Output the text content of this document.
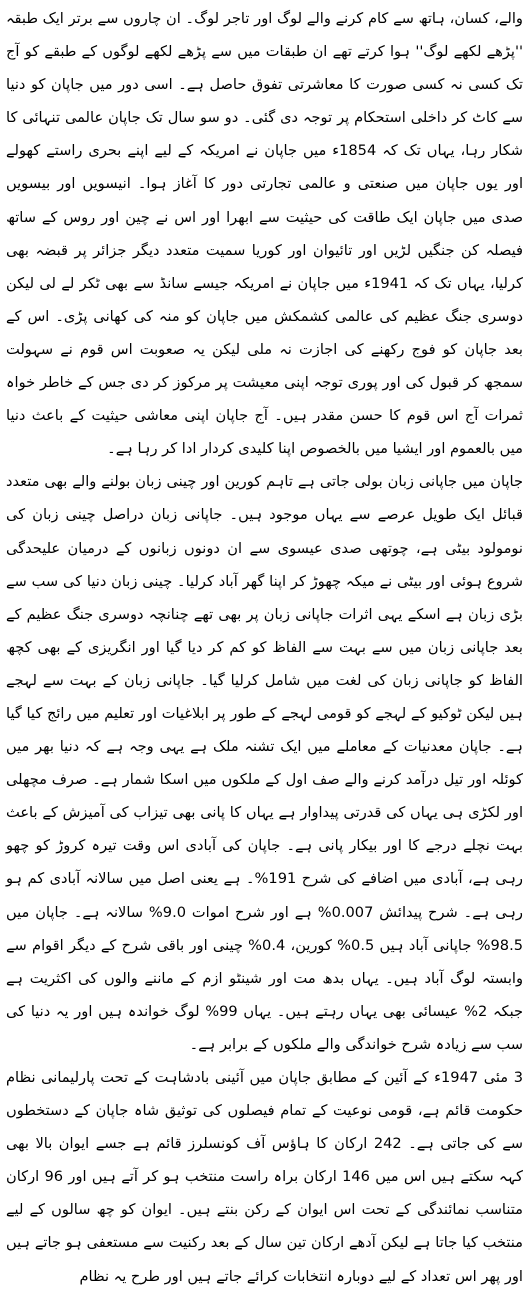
والے، کسان، ہاتھ سے کام کرنے والے لوگ اور تاجر لوگ۔ ان چاروں سے برتر ایک طبقہ ''پڑھے لکھے لوگ'' ہوا کرتے تھے ان طبقات میں سے پڑھے لکھے لوگوں کے طبقے کو آج تک کسی نہ کسی صورت کا معاشرتی تفوق حاصل ہے۔ اسی دور میں جاپان کو دنیا سے کاٹ کر داخلی استحکام پر توجہ دی گئی۔ دو سو سال تک جاپان عالمی تنہائی کا شکار رہا، یہاں تک کہ 1854ء میں جاپان نے امریکہ کے لیے اپنے بحری راستے کھولے اور یوں جاپان میں صنعتی و عالمی تجارتی دور کا آغاز ہوا۔ انیسویں اور بیسویں صدی میں جاپان ایک طاقت کی حیثیت سے ابھرا اور اس نے چین اور روس کے ساتھ فیصلہ کن جنگیں لڑیں اور تائیوان اور کوریا سمیت متعدد دیگر جزائر پر قبضہ بھی کرلیا، یہاں تک کہ 1941ء میں جاپان نے امریکہ جیسے سانڈ سے بھی ٹکر لے لی لیکن دوسری جنگ عظیم کی عالمی کشمکش میں جاپان کو منہ کی کھانی پڑی۔ اس کے بعد جاپان کو فوج رکھنے کی اجازت نہ ملی لیکن یہ صعوبت اس قوم نے سہولت سمجھ کر قبول کی اور پوری توجہ اپنی معیشت پر مرکوز کر دی جس کے خاطر خواہ ثمرات آج اس قوم کا حسن مقدر ہیں۔ آج جاپان اپنی معاشی حیثیت کے باعث دنیا میں بالعموم اور ایشیا میں بالخصوص اپنا کلیدی کردار ادا کر رہا ہے۔

جاپان میں جاپانی زبان بولی جاتی ہے تاہم کورین اور چینی زبان بولنے والے بھی متعدد قبائل ایک طویل عرصے سے یہاں موجود ہیں۔ جاپانی زبان دراصل چینی زبان کی نومولود بیٹی ہے، چوتھی صدی عیسوی سے ان دونوں زبانوں کے درمیان علیحدگی شروع ہوئی اور بیٹی نے میکہ چھوڑ کر اپنا گھر آباد کرلیا۔ چینی زبان دنیا کی سب سے بڑی زبان ہے اسکے یہی اثرات جاپانی زبان پر بھی تھے چنانچہ دوسری جنگ عظیم کے بعد جاپانی زبان میں سے بہت سے الفاظ کو کم کر دیا گیا اور انگریزی کے بھی کچھ الفاظ کو جاپانی زبان کی لغت میں شامل کرلیا گیا۔ جاپانی زبان کے بہت سے لہجے ہیں لیکن ٹوکیو کے لہجے کو قومی لہجے کے طور پر ابلاغیات اور تعلیم میں رائج کیا گیا ہے۔ جاپان معدنیات کے معاملے میں ایک تشنہ ملک ہے یہی وجہ ہے کہ دنیا بھر میں کوئلہ اور تیل درآمد کرنے والے صف اول کے ملکوں میں اسکا شمار ہے۔ صرف مچھلی اور لکڑی ہی یہاں کی قدرتی پیداوار ہے یہاں کا پانی بھی تیزاب کی آمیزش کے باعث بہت نچلے درجے کا اور بیکار پانی ہے۔ جاپان کی آبادی اس وقت تیرہ کروڑ کو چھو رہی ہے، آبادی میں اضافے کی شرح 191%۔ ہے یعنی اصل میں سالانہ آبادی کم ہو رہی ہے۔ شرح پیدائش 0.007% ہے اور شرح اموات 9.0% سالانہ ہے۔ جاپان میں 98.5% جاپانی آباد ہیں 0.5% کورین، 0.4% چینی اور باقی شرح کے دیگر اقوام سے وابستہ لوگ آباد ہیں۔ یہاں بدھ مت اور شینٹو ازم کے ماننے والوں کی اکثریت ہے جبکہ 2% عیسائی بھی یہاں رہتے ہیں۔ یہاں 99% لوگ خواندہ ہیں اور یہ دنیا کی سب سے زیادہ شرح خواندگی والے ملکوں کے برابر ہے۔

3 مئی 1947ء کے آئین کے مطابق جاپان میں آئینی بادشاہت کے تحت پارلیمانی نظام حکومت قائم ہے، قومی نوعیت کے تمام فیصلوں کی توثیق شاہ جاپان کے دستخطوں سے کی جاتی ہے۔ 242 ارکان کا ہاؤس آف کونسلرز قائم ہے جسے ایوان بالا بھی کہہ سکتے ہیں اس میں 146 ارکان براہ راست منتخب ہو کر آتے ہیں اور 96 ارکان متناسب نمائندگی کے تحت اس ایوان کے رکن بنتے ہیں۔ ایوان کو چھ سالوں کے لیے منتخب کیا جاتا ہے لیکن آدھے ارکان تین سال کے بعد رکنیت سے مستعفی ہو جاتے ہیں اور پھر اس تعداد کے لیے دوبارہ انتخابات کرائے جاتے ہیں اور طرح یہ نظام
